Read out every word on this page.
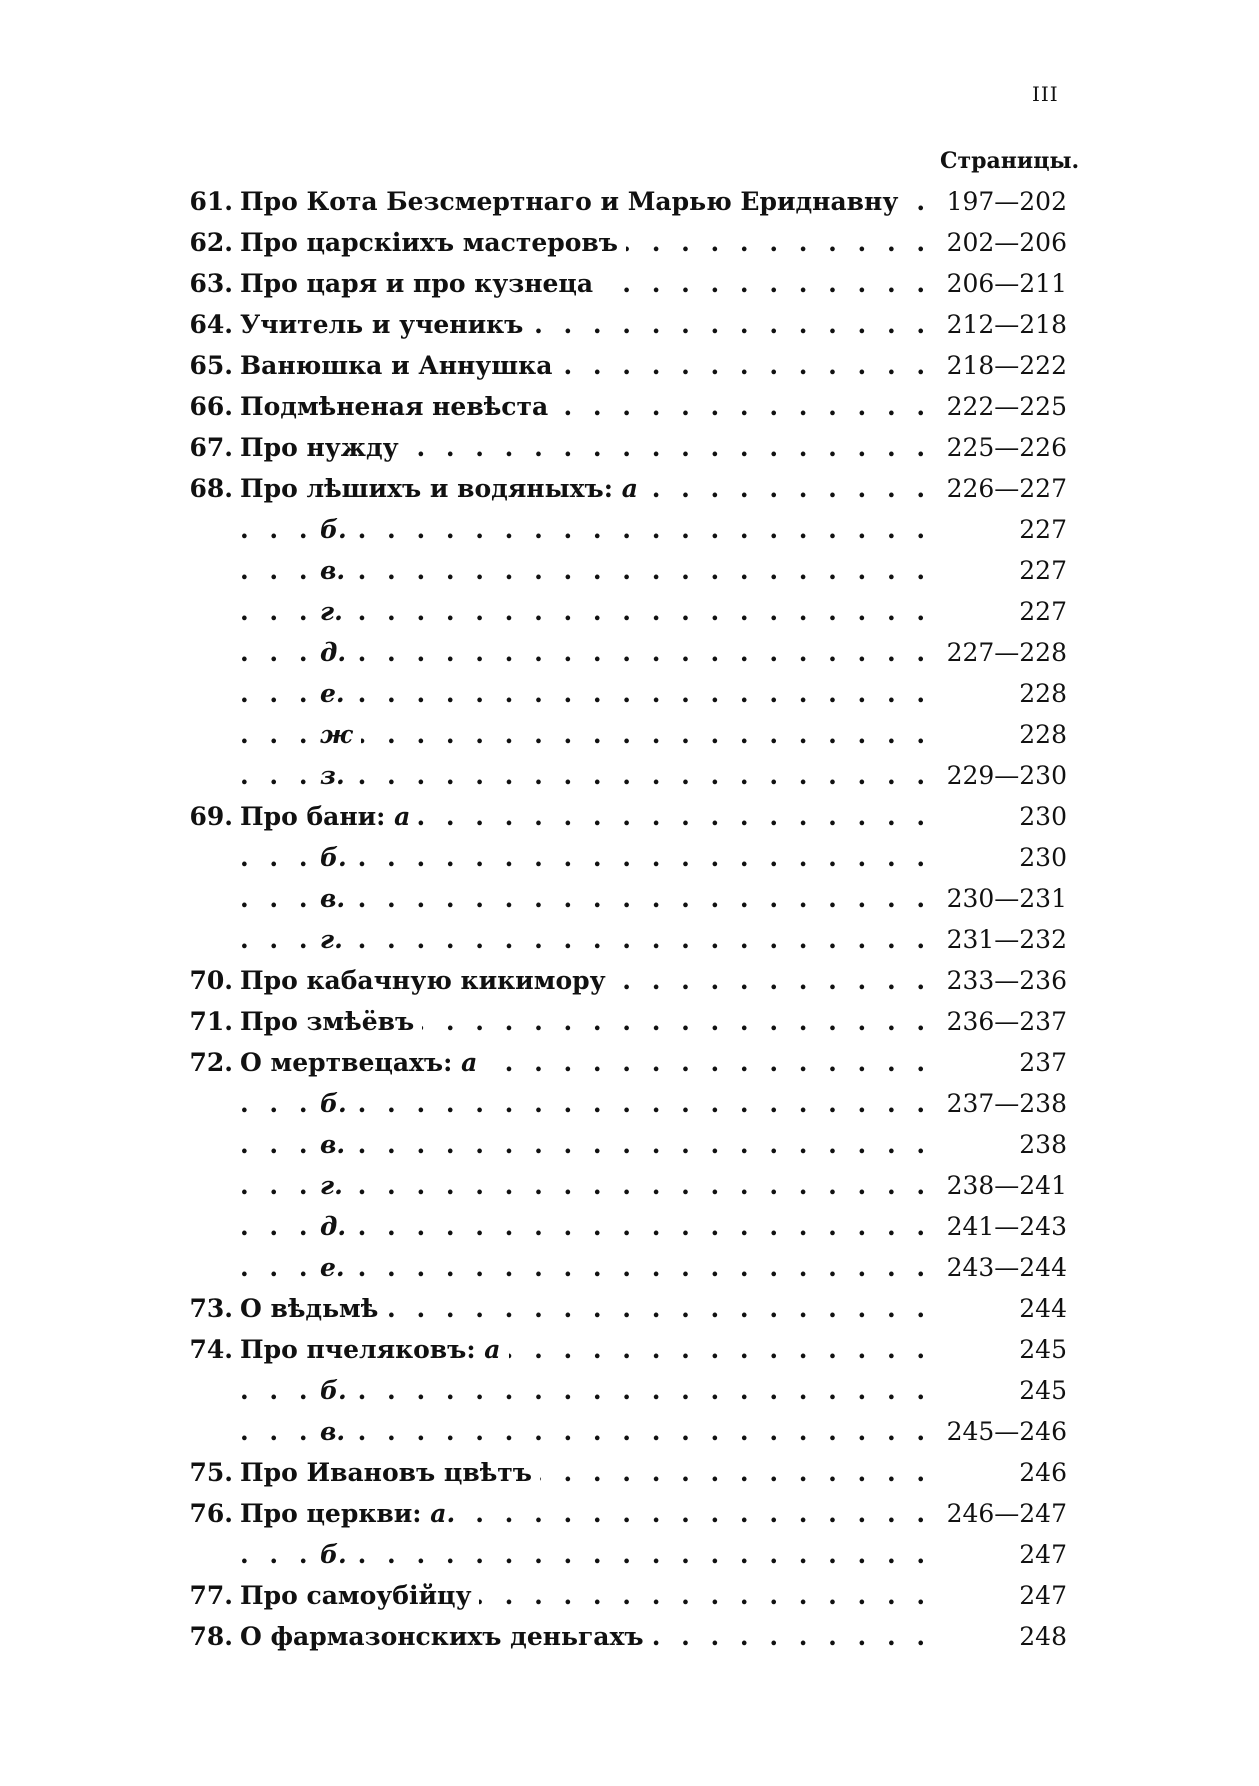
III
Страницы.
. . .
61. Про Кота Безсмертнаго и Марью Ериднавну	197—202
. . .
62. Про царскіихъ мастеровъ	202—206
. . .
63. Про царя и про кузнеца	206—211
. . .
64. Учитель и ученикъ	212—218
. . .
65. Ванюшка и Аннушка	218—222
. . .
66. Подмѣненая невѣста	222—225
. . .
67. Про нужду	225—226
. . .
68. Про лѣшихъ и водяныхъ: а	226—227
. . .
б.	227
. . .
в.	227
. . .
г.	227
. . .
д.	227—228
. . .
е.	228
. . .
ж	228
. . .
з.	229—230
. . .
69. Про бани: а	230
. . .
б.	230
. . .
в.	230—231
. . .
г.	231—232
. . .
70. Про кабачную кикимору	233—236
. . .
71. Про змѣёвъ	236—237
. . .
72. О мертвецахъ: а	237
. . .
б.	237—238
. . .
в.	238
. . .
г.	238—241
. . .
д.	241—243
. . .
е.	243—244
. . .
73. О вѣдьмѣ	244
. . .
74. Про пчеляковъ: а	245
. . .
б.	245
. . .
в.	245—246
. . .
75. Про Ивановъ цвѣтъ	246
. . .
76. Про церкви: а.	246—247
. . .
б.	247
. . .
77. Про самоубійцу	247
. . .
78. О фармазонскихъ деньгахъ	248
